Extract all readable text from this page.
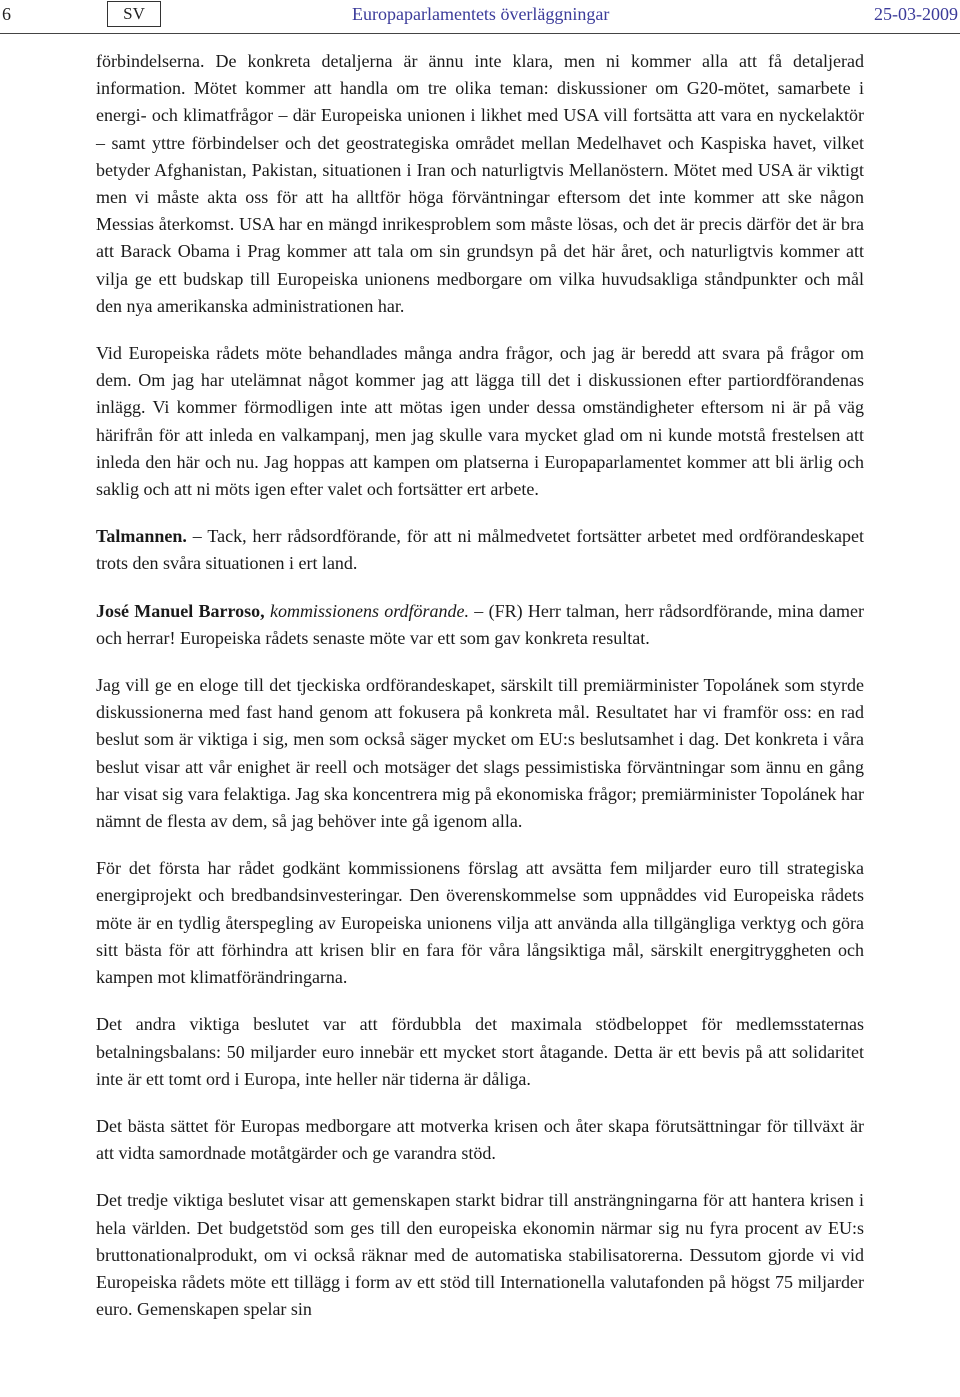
6	SV	Europaparlamentets överläggningar	25-03-2009

förbindelserna. De konkreta detaljerna är ännu inte klara, men ni kommer alla att få detaljerad information. Mötet kommer att handla om tre olika teman: diskussioner om G20-mötet, samarbete i energi- och klimatfrågor – där Europeiska unionen i likhet med USA vill fortsätta att vara en nyckelaktör – samt yttre förbindelser och det geostrategiska området mellan Medelhavet och Kaspiska havet, vilket betyder Afghanistan, Pakistan, situationen i Iran och naturligtvis Mellanöstern. Mötet med USA är viktigt men vi måste akta oss för att ha alltför höga förväntningar eftersom det inte kommer att ske någon Messias återkomst. USA har en mängd inrikesproblem som måste lösas, och det är precis därför det är bra att Barack Obama i Prag kommer att tala om sin grundsyn på det här året, och naturligtvis kommer att vilja ge ett budskap till Europeiska unionens medborgare om vilka huvudsakliga ståndpunkter och mål den nya amerikanska administrationen har.

Vid Europeiska rådets möte behandlades många andra frågor, och jag är beredd att svara på frågor om dem. Om jag har utelämnat något kommer jag att lägga till det i diskussionen efter partiordförandenas inlägg. Vi kommer förmodligen inte att mötas igen under dessa omständigheter eftersom ni är på väg härifrån för att inleda en valkampanj, men jag skulle vara mycket glad om ni kunde motstå frestelsen att inleda den här och nu. Jag hoppas att kampen om platserna i Europaparlamentet kommer att bli ärlig och saklig och att ni möts igen efter valet och fortsätter ert arbete.

Talmannen. – Tack, herr rådsordförande, för att ni målmedvetet fortsätter arbetet med ordförandeskapet trots den svåra situationen i ert land.

José Manuel Barroso, kommissionens ordförande. – (FR) Herr talman, herr rådsordförande, mina damer och herrar! Europeiska rådets senaste möte var ett som gav konkreta resultat.

Jag vill ge en eloge till det tjeckiska ordförandeskapet, särskilt till premiärminister Topolánek som styrde diskussionerna med fast hand genom att fokusera på konkreta mål. Resultatet har vi framför oss: en rad beslut som är viktiga i sig, men som också säger mycket om EU:s beslutsamhet i dag. Det konkreta i våra beslut visar att vår enighet är reell och motsäger det slags pessimistiska förväntningar som ännu en gång har visat sig vara felaktiga. Jag ska koncentrera mig på ekonomiska frågor; premiärminister Topolánek har nämnt de flesta av dem, så jag behöver inte gå igenom alla.

För det första har rådet godkänt kommissionens förslag att avsätta fem miljarder euro till strategiska energiprojekt och bredbandsinvesteringar. Den överenskommelse som uppnåddes vid Europeiska rådets möte är en tydlig återspegling av Europeiska unionens vilja att använda alla tillgängliga verktyg och göra sitt bästa för att förhindra att krisen blir en fara för våra långsiktiga mål, särskilt energitryggheten och kampen mot klimatförändringarna.

Det andra viktiga beslutet var att fördubbla det maximala stödbeloppet för medlemsstaternas betalningsbalans: 50 miljarder euro innebär ett mycket stort åtagande. Detta är ett bevis på att solidaritet inte är ett tomt ord i Europa, inte heller när tiderna är dåliga.

Det bästa sättet för Europas medborgare att motverka krisen och åter skapa förutsättningar för tillväxt är att vidta samordnade motåtgärder och ge varandra stöd.

Det tredje viktiga beslutet visar att gemenskapen starkt bidrar till ansträngningarna för att hantera krisen i hela världen. Det budgetstöd som ges till den europeiska ekonomin närmar sig nu fyra procent av EU:s bruttonationalprodukt, om vi också räknar med de automatiska stabilisatorerna. Dessutom gjorde vi vid Europeiska rådets möte ett tillägg i form av ett stöd till Internationella valutafonden på högst 75 miljarder euro. Gemenskapen spelar sin
